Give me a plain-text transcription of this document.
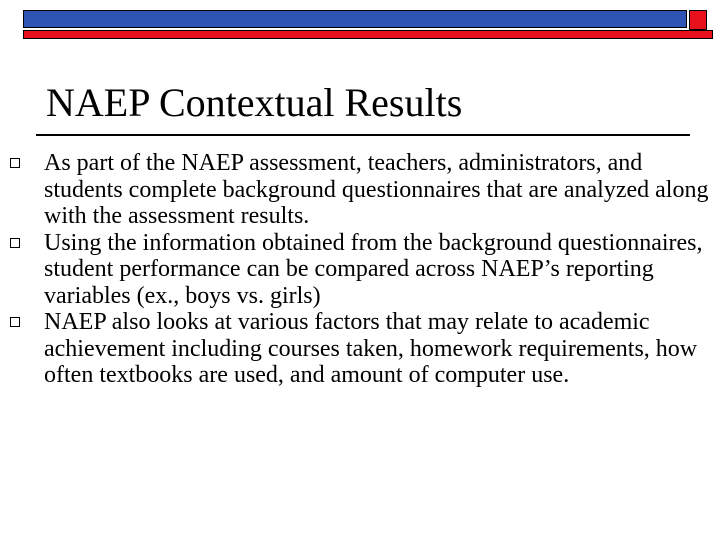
NAEP Contextual Results
As part of the NAEP assessment, teachers, administrators, and students complete background questionnaires that are analyzed along with the assessment results.
Using the information obtained from the background questionnaires, student performance can be compared across NAEP’s reporting variables (ex., boys vs. girls)
NAEP also looks at various factors that may relate to academic achievement including courses taken, homework requirements, how often textbooks are used, and amount of computer use.
